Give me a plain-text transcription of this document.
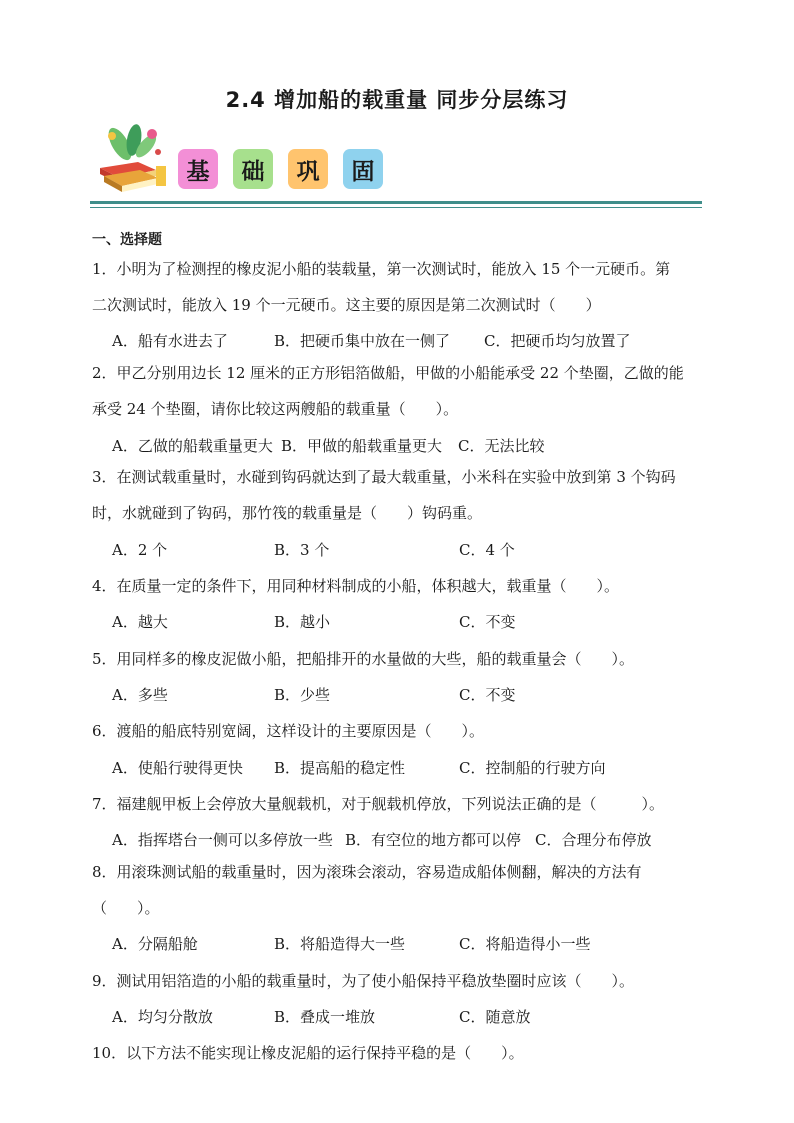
2.4 增加船的载重量 同步分层练习
基	础	巩	固
一、选择题
1．小明为了检测捏的橡皮泥小船的装载量，第一次测试时，能放入 15 个一元硬币。第
二次测试时，能放入 19 个一元硬币。这主要的原因是第二次测试时（　　）
A．船有水进去了	B．把硬币集中放在一侧了 C．把硬币均匀放置了
2．甲乙分别用边长 12 厘米的正方形铝箔做船，甲做的小船能承受 22 个垫圈，乙做的能
承受 24 个垫圈，请你比较这两艘船的载重量（　　）。
A．乙做的船载重量更大 B．甲做的船载重量更大 C．无法比较
3．在测试载重量时，水碰到钩码就达到了最大载重量，小米科在实验中放到第 3 个钩码
时，水就碰到了钩码，那竹筏的载重量是（　　）钩码重。
A．2 个	B．3 个	C．4 个
4．在质量一定的条件下，用同种材料制成的小船，体积越大，载重量（　　）。
A．越大	B．越小	C．不变
5．用同样多的橡皮泥做小船，把船排开的水量做的大些，船的载重量会（　　）。
A．多些	B．少些	C．不变
6．渡船的船底特别宽阔，这样设计的主要原因是（　　）。
A．使船行驶得更快 B．提高船的稳定性	C．控制船的行驶方向
7．福建舰甲板上会停放大量舰载机，对于舰载机停放，下列说法正确的是（　　　）。
A．指挥塔台一侧可以多停放一些 B．有空位的地方都可以停 C．合理分布停放
8．用滚珠测试船的载重量时，因为滚珠会滚动，容易造成船体侧翻，解决的方法有
（　　）。
A．分隔船舱	B．将船造得大一些	C．将船造得小一些
9．测试用铝箔造的小船的载重量时，为了使小船保持平稳放垫圈时应该（　　）。
A．均匀分散放	B．叠成一堆放	C．随意放
10．以下方法不能实现让橡皮泥船的运行保持平稳的是（　　）。
